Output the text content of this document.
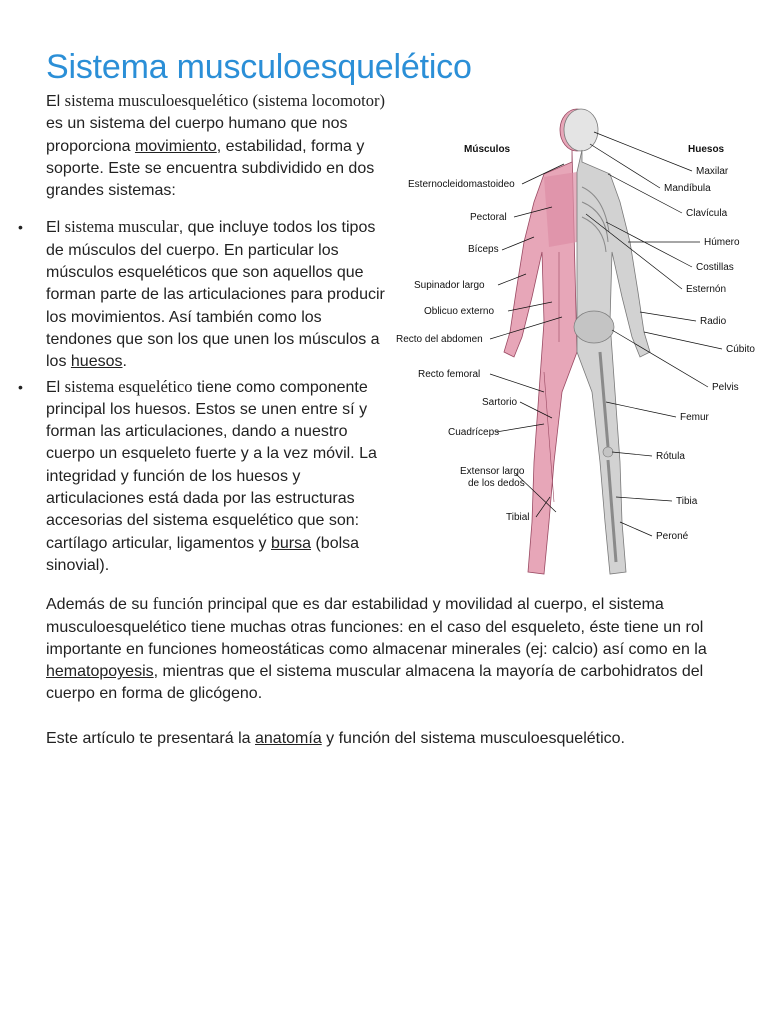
Sistema musculoesquelético
Músculos	Huesos
Esternocleidomastoideo
Pectoral
Bíceps
Supinador largo
Oblicuo externo
Recto del abdomen
Recto femoral
Sartorio
Cuadríceps
Extensor largo
de los dedos
Tibial
Maxilar
Mandíbula
Clavícula
Húmero
Costillas
Esternón
Radio
Cúbito
Pelvis
Femur
Rótula
Tibia
Peroné

El sistema musculoesquelético (sistema locomotor) es un sistema del cuerpo humano que nos proporciona movimiento, estabilidad, forma y soporte. Este se encuentra subdividido en dos grandes sistemas:

• El sistema muscular, que incluye todos los tipos de músculos del cuerpo. En particular los músculos esqueléticos que son aquellos que forman parte de las articulaciones para producir los movimientos. Así también como los tendones que son los que unen los músculos a los huesos.
• El sistema esquelético tiene como componente principal los huesos. Estos se unen entre sí y forman las articulaciones, dando a nuestro cuerpo un esqueleto fuerte y a la vez móvil. La integridad y función de los huesos y articulaciones está dada por las estructuras accesorias del sistema esquelético que son: cartílago articular, ligamentos y bursa (bolsa sinovial).

Además de su función principal que es dar estabilidad y movilidad al cuerpo, el sistema musculoesquelético tiene muchas otras funciones: en el caso del esqueleto, éste tiene un rol importante en funciones homeostáticas como almacenar minerales (ej: calcio) así como en la hematopoyesis, mientras que el sistema muscular almacena la mayoría de carbohidratos del cuerpo en forma de glicógeno.

Este artículo te presentará la anatomía y función del sistema musculoesquelético.
